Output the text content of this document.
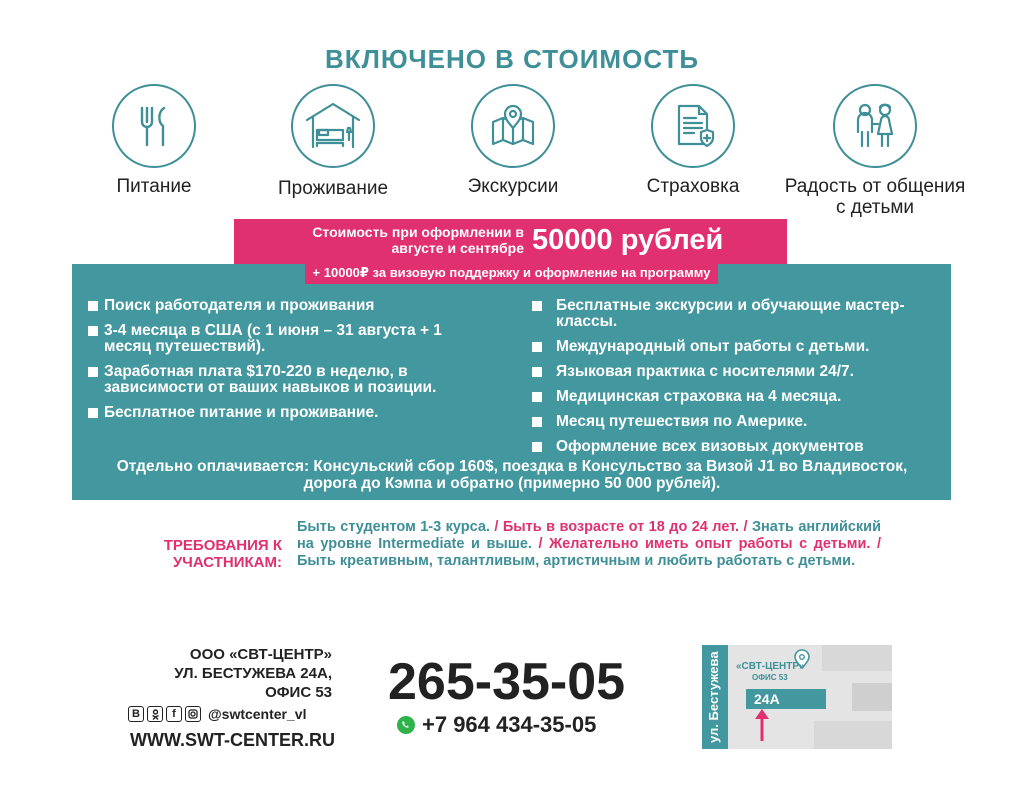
ВКЛЮЧЕНО В СТОИМОСТЬ
Питание	Проживание	Экскурсии	Страховка	Радость от общения с детьми
Стоимость при оформлении в августе и сентябре 50000 рублей
+ 10000₽ за визовую поддержку и оформление на программу
Поиск работодателя и проживания
3-4 месяца в США (с 1 июня – 31 августа + 1 месяц путешествий).
Заработная плата $170-220 в неделю, в зависимости от ваших навыков и позиции.
Бесплатное питание и проживание.
Бесплатные экскурсии и обучающие мастер-классы.
Международный опыт работы с детьми.
Языковая практика с носителями 24/7.
Медицинская страховка на 4 месяца.
Месяц путешествия по Америке.
Оформление всех визовых документов
Отдельно оплачивается: Консульский сбор 160$, поездка в Консульство за Визой J1 во Владивосток, дорога до Кэмпа и обратно (примерно 50 000 рублей).
ТРЕБОВАНИЯ К УЧАСТНИКАМ:
Быть студентом 1-3 курса. / Быть в возрасте от 18 до 24 лет. / Знать английский на уровне Intermediate и выше. / Желательно иметь опыт работы с детьми. / Быть креативным, талантливым, артистичным и любить работать с детьми.
ООО «СВТ-ЦЕНТР»
УЛ. БЕСТУЖЕВА 24А,
ОФИС 53
B	f	@swtcenter_vl
WWW.SWT-CENTER.RU
265-35-05
+7 964 434-35-05	ул. Бестужева «СВТ-ЦЕНТР»
ОФИС 53
24А
